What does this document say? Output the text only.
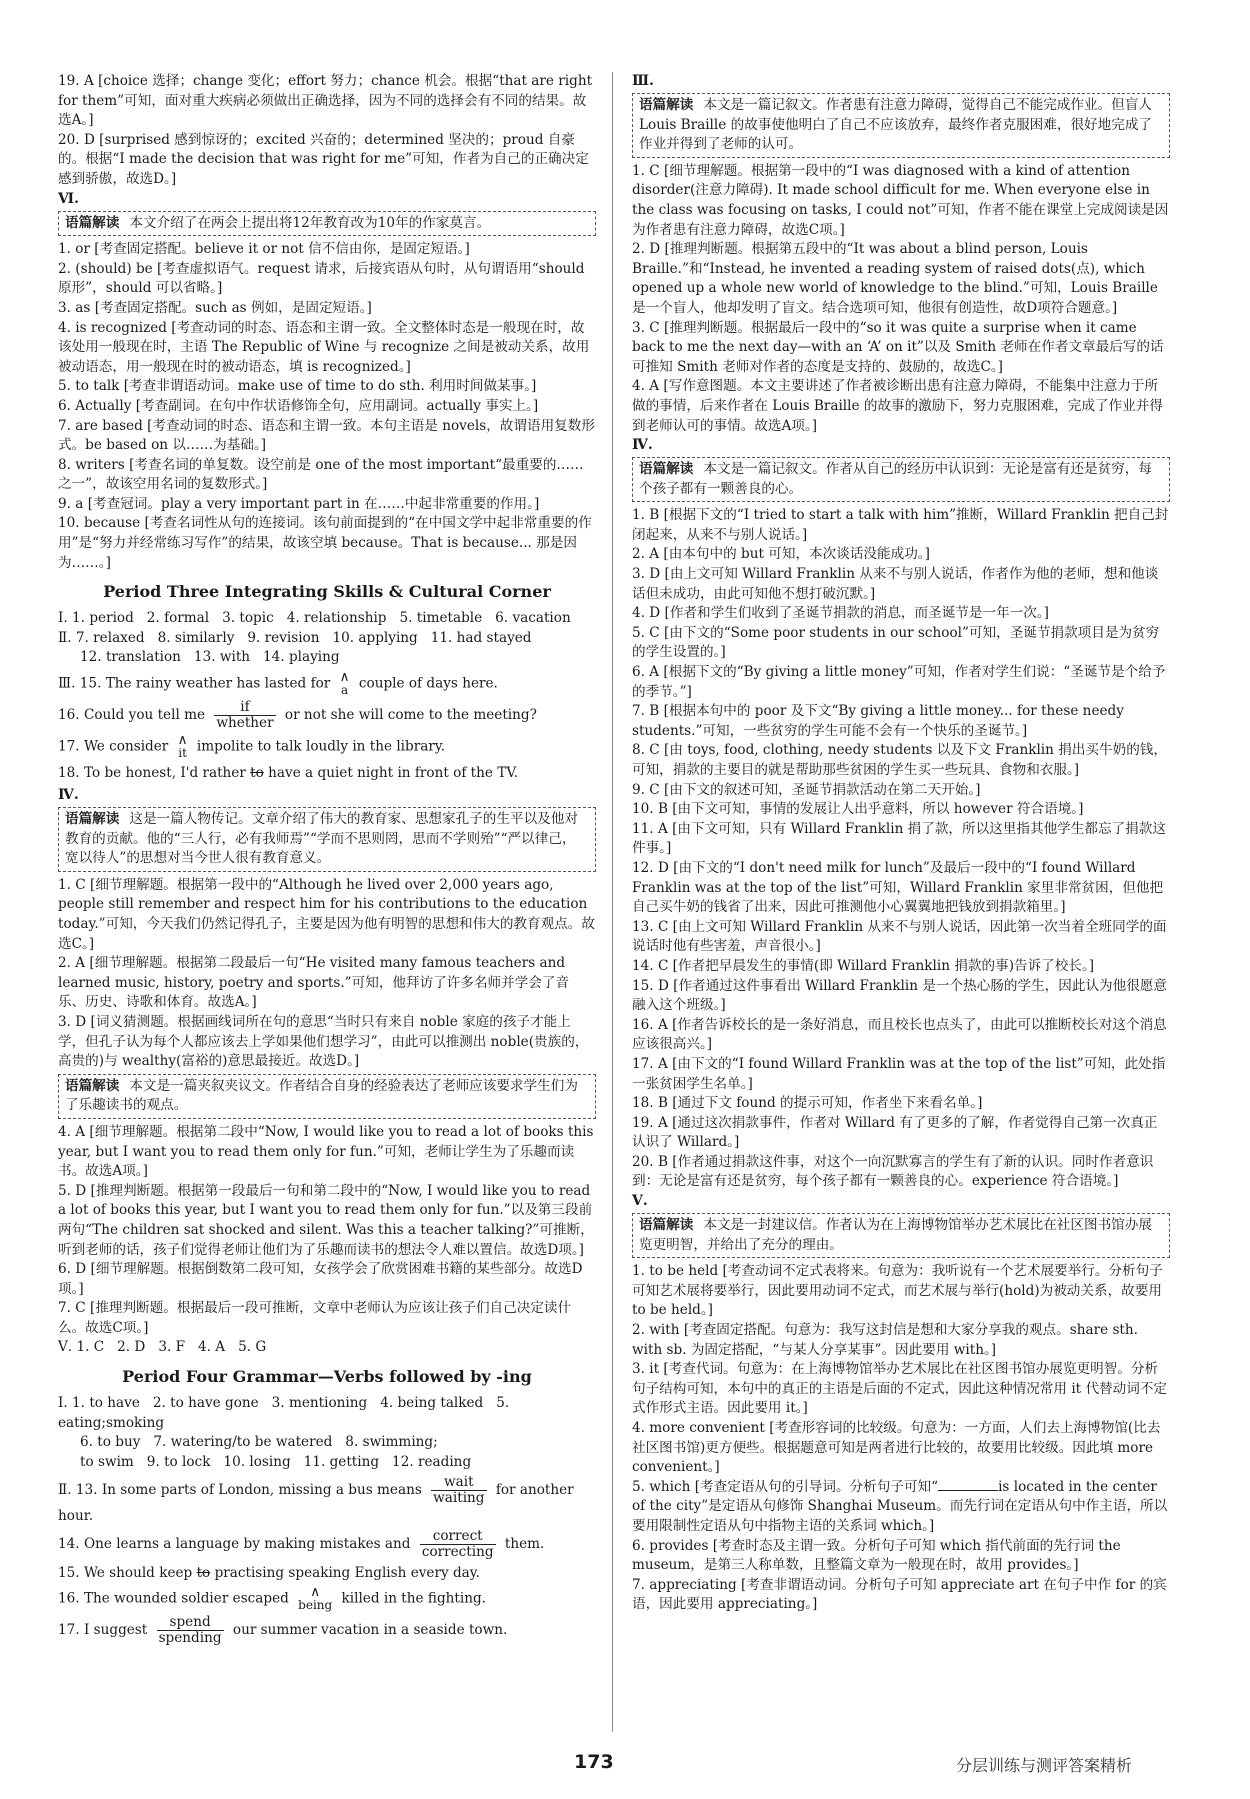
19. A [choice 选择；change 变化；effort 努力；chance 机会。根据“that are right for them”可知，面对重大疾病必须做出正确选择，因为不同的选择会有不同的结果。故选A。]

20. D [surprised 感到惊讶的；excited 兴奋的；determined 坚决的；proud 自豪的。根据“I made the decision that was right for me”可知，作者为自己的正确决定感到骄傲，故选D。]

Ⅵ.

语篇解读 本文介绍了在两会上提出将12年教育改为10年的作家莫言。

1. or [考查固定搭配。believe it or not 信不信由你，是固定短语。]

2. (should) be [考查虚拟语气。request 请求，后接宾语从句时，从句谓语用“should 原形”，should 可以省略。]

3. as [考查固定搭配。such as 例如，是固定短语。]

4. is recognized [考查动词的时态、语态和主谓一致。全文整体时态是一般现在时，故该处用一般现在时，主语 The Republic of Wine 与 recognize 之间是被动关系，故用被动语态，用一般现在时的被动语态，填 is recognized。]

5. to talk [考查非谓语动词。make use of time to do sth. 利用时间做某事。]

6. Actually [考查副词。在句中作状语修饰全句，应用副词。actually 事实上。]

7. are based [考查动词的时态、语态和主谓一致。本句主语是 novels，故谓语用复数形式。be based on 以……为基础。]

8. writers [考查名词的单复数。设空前是 one of the most important“最重要的……之一”，故该空用名词的复数形式。]

9. a [考查冠词。play a very important part in 在……中起非常重要的作用。]

10. because [考查名词性从句的连接词。该句前面提到的“在中国文学中起非常重要的作用”是“努力并经常练习写作”的结果，故该空填 because。That is because... 那是因为……。]

Period Three Integrating Skills & Cultural Corner

Ⅰ. 1. period 2. formal 3. topic 4. relationship 5. timetable 6. vacation

Ⅱ. 7. relaxed 8. similarly 9. revision 10. applying 11. had stayed

12. translation 13. with 14. playing

Ⅲ. 15. The rainy weather has lasted for ∧
a couple of days here.

16. Could you tell me $\frac{if}{\text{whether}}$ or not she will come to the meeting?

17. We consider ∧
it impolite to talk loudly in the library.

18. To be honest, I'd rather to have a quiet night in front of the TV.

Ⅳ.

语篇解读 这是一篇人物传记。文章介绍了伟大的教育家、思想家孔子的生平以及他对教育的贡献。他的“三人行，必有我师焉”“学而不思则罔，思而不学则殆”“严以律己，宽以待人”的思想对当今世人很有教育意义。

1. C [细节理解题。根据第一段中的“Although he lived over 2,000 years ago, people still remember and respect him for his contributions to the education today.”可知，今天我们仍然记得孔子，主要是因为他有明智的思想和伟大的教育观点。故选C。]

2. A [细节理解题。根据第二段最后一句“He visited many famous teachers and learned music, history, poetry and sports.”可知，他拜访了许多名师并学会了音乐、历史、诗歌和体育。故选A。]

3. D [词义猜测题。根据画线词所在句的意思“当时只有来自 noble 家庭的孩子才能上学，但孔子认为每个人都应该去上学如果他们想学习”，由此可以推测出 noble(贵族的，高贵的)与 wealthy(富裕的)意思最接近。故选D。]

语篇解读 本文是一篇夹叙夹议文。作者结合自身的经验表达了老师应该要求学生们为了乐趣读书的观点。

4. A [细节理解题。根据第二段中“Now, I would like you to read a lot of books this year, but I want you to read them only for fun.”可知，老师让学生为了乐趣而读书。故选A项。]

5. D [推理判断题。根据第一段最后一句和第二段中的“Now, I would like you to read a lot of books this year, but I want you to read them only for fun.”以及第三段前两句“The children sat shocked and silent. Was this a teacher talking?”可推断，听到老师的话，孩子们觉得老师让他们为了乐趣而读书的想法令人难以置信。故选D项。]

6. D [细节理解题。根据倒数第二段可知，女孩学会了欣赏困难书籍的某些部分。故选D项。]

7. C [推理判断题。根据最后一段可推断，文章中老师认为应该让孩子们自己决定读什么。故选C项。]

Ⅴ. 1. C 2. D 3. F 4. A 5. G

Period Four Grammar—Verbs followed by -ing

Ⅰ. 1. to have 2. to have gone 3. mentioning 4. being talked 5. eating;smoking

6. to buy 7. watering/to be watered 8. swimming;

to swim 9. to lock 10. losing 11. getting 12. reading

Ⅱ. 13. In some parts of London, missing a bus means $\frac{\text{wait}}{\text{waiting}}$ for another hour.

14. One learns a language by making mistakes and $\frac{\text{correct}}{\text{correcting}}$ them.

15. We should keep to practising speaking English every day.

16. The wounded soldier escaped	∧
being killed in the fighting.

17. I suggest $\frac{\text{spend}}{\text{spending}}$ our summer vacation in a seaside town.

Ⅲ.

语篇解读 本文是一篇记叙文。作者患有注意力障碍，觉得自己不能完成作业。但盲人 Louis Braille 的故事使他明白了自己不应该放弃，最终作者克服困难，很好地完成了作业并得到了老师的认可。

1. C [细节理解题。根据第一段中的“I was diagnosed with a kind of attention disorder(注意力障碍). It made school difficult for me. When everyone else in the class was focusing on tasks, I could not”可知，作者不能在课堂上完成阅读是因为作者患有注意力障碍，故选C项。]

2. D [推理判断题。根据第五段中的“It was about a blind person, Louis Braille.”和“Instead, he invented a reading system of raised dots(点), which opened up a whole new world of knowledge to the blind.”可知，Louis Braille 是一个盲人，他却发明了盲文。结合选项可知，他很有创造性，故D项符合题意。]

3. C [推理判断题。根据最后一段中的“so it was quite a surprise when it came back to me the next day—with an ‘A’ on it”以及 Smith 老师在作者文章最后写的话可推知 Smith 老师对作者的态度是支持的、鼓励的，故选C。]

4. A [写作意图题。本文主要讲述了作者被诊断出患有注意力障碍，不能集中注意力于所做的事情，后来作者在 Louis Braille 的故事的激励下，努力克服困难，完成了作业并得到老师认可的事情。故选A项。]

Ⅳ.

语篇解读 本文是一篇记叙文。作者从自己的经历中认识到：无论是富有还是贫穷，每个孩子都有一颗善良的心。

1. B [根据下文的“I tried to start a talk with him”推断，Willard Franklin 把自己封闭起来，从来不与别人说话。]

2. A [由本句中的 but 可知，本次谈话没能成功。]

3. D [由上文可知 Willard Franklin 从来不与别人说话，作者作为他的老师，想和他谈话但未成功，由此可知他不想打破沉默。]

4. D [作者和学生们收到了圣诞节捐款的消息，而圣诞节是一年一次。]

5. C [由下文的“Some poor students in our school”可知，圣诞节捐款项目是为贫穷的学生设置的。]

6. A [根据下文的“By giving a little money”可知，作者对学生们说：“圣诞节是个给予的季节。”]

7. B [根据本句中的 poor 及下文“By giving a little money... for these needy students.”可知，一些贫穷的学生可能不会有一个快乐的圣诞节。]

8. C [由 toys, food, clothing, needy students 以及下文 Franklin 捐出买牛奶的钱，可知，捐款的主要目的就是帮助那些贫困的学生买一些玩具、食物和衣服。]

9. C [由下文的叙述可知，圣诞节捐款活动在第二天开始。]

10. B [由下文可知，事情的发展让人出乎意料，所以 however 符合语境。]

11. A [由下文可知，只有 Willard Franklin 捐了款，所以这里指其他学生都忘了捐款这件事。]

12. D [由下文的“I don't need milk for lunch”及最后一段中的“I found Willard Franklin was at the top of the list”可知，Willard Franklin 家里非常贫困，但他把自己买牛奶的钱省了出来，因此可推测他小心翼翼地把钱放到捐款箱里。]

13. C [由上文可知 Willard Franklin 从来不与别人说话，因此第一次当着全班同学的面说话时他有些害羞，声音很小。]

14. C [作者把早晨发生的事情(即 Willard Franklin 捐款的事)告诉了校长。]

15. D [作者通过这件事看出 Willard Franklin 是一个热心肠的学生，因此认为他很愿意融入这个班级。]

16. A [作者告诉校长的是一条好消息，而且校长也点头了，由此可以推断校长对这个消息应该很高兴。]

17. A [由下文的“I found Willard Franklin was at the top of the list”可知，此处指一张贫困学生名单。]

18. B [通过下文 found 的提示可知，作者坐下来看名单。]

19. A [通过这次捐款事件，作者对 Willard 有了更多的了解，作者觉得自己第一次真正认识了 Willard。]

20. B [作者通过捐款这件事，对这个一向沉默寡言的学生有了新的认识。同时作者意识到：无论是富有还是贫穷，每个孩子都有一颗善良的心。experience 符合语境。]

Ⅴ.

语篇解读 本文是一封建议信。作者认为在上海博物馆举办艺术展比在社区图书馆办展览更明智，并给出了充分的理由。

1. to be held [考查动词不定式表将来。句意为：我听说有一个艺术展要举行。分析句子可知艺术展将要举行，因此要用动词不定式，而艺术展与举行(hold)为被动关系，故要用 to be held。]

2. with [考查固定搭配。句意为：我写这封信是想和大家分享我的观点。share sth. with sb. 为固定搭配，“与某人分享某事”。因此要用 with。]

3. it [考查代词。句意为：在上海博物馆举办艺术展比在社区图书馆办展览更明智。分析句子结构可知，本句中的真正的主语是后面的不定式，因此这种情况常用 it 代替动词不定式作形式主语。因此要用 it。]

4. more convenient [考查形容词的比较级。句意为：一方面，人们去上海博物馆(比去社区图书馆)更方便些。根据题意可知是两者进行比较的，故要用比较级。因此填 more convenient。]

5. which [考查定语从句的引导词。分析句子可知“	is located in the center of the city”是定语从句修饰 Shanghai Museum。而先行词在定语从句中作主语，所以要用限制性定语从句中指物主语的关系词 which。]

6. provides [考查时态及主谓一致。分析句子可知 which 指代前面的先行词 the museum，是第三人称单数，且整篇文章为一般现在时，故用 provides。]

7. appreciating [考查非谓语动词。分析句子可知 appreciate art 在句子中作 for 的宾语，因此要用 appreciating。]

173	分层训练与测评答案精析
